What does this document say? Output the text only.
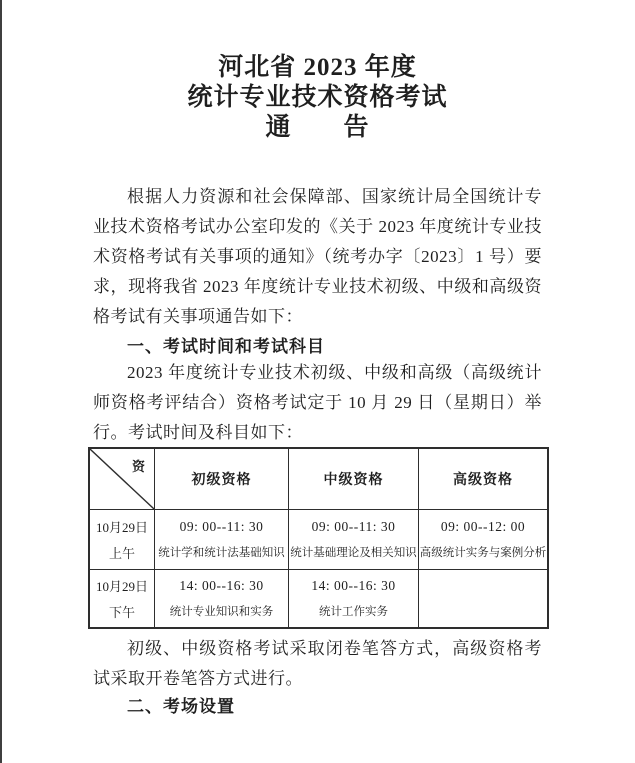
河北省 2023 年度
统计专业技术资格考试
通　　告

根据人力资源和社会保障部、国家统计局全国统计专业技术资格考试办公室印发的《关于 2023 年度统计专业技术资格考试有关事项的通知》（统考办字〔2023〕1 号）要求，现将我省 2023 年度统计专业技术初级、中级和高级资格考试有关事项通告如下：

一、考试时间和考试科目

2023 年度统计专业技术初级、中级和高级（高级统计师资格考评结合）资格考试定于 10 月 29 日（星期日）举行。考试时间及科目如下：

资
初级资格	中级资格	高级资格
10月29日
上午
09: 00--11: 30
统计学和统计法基础知识
09: 00--11: 30
统计基础理论及相关知识
09: 00--12: 00
高级统计实务与案例分析
10月29日
下午
14: 00--16: 30
统计专业知识和实务
14: 00--16: 30
统计工作实务

初级、中级资格考试采取闭卷笔答方式，高级资格考试采取开卷笔答方式进行。

二、考场设置
